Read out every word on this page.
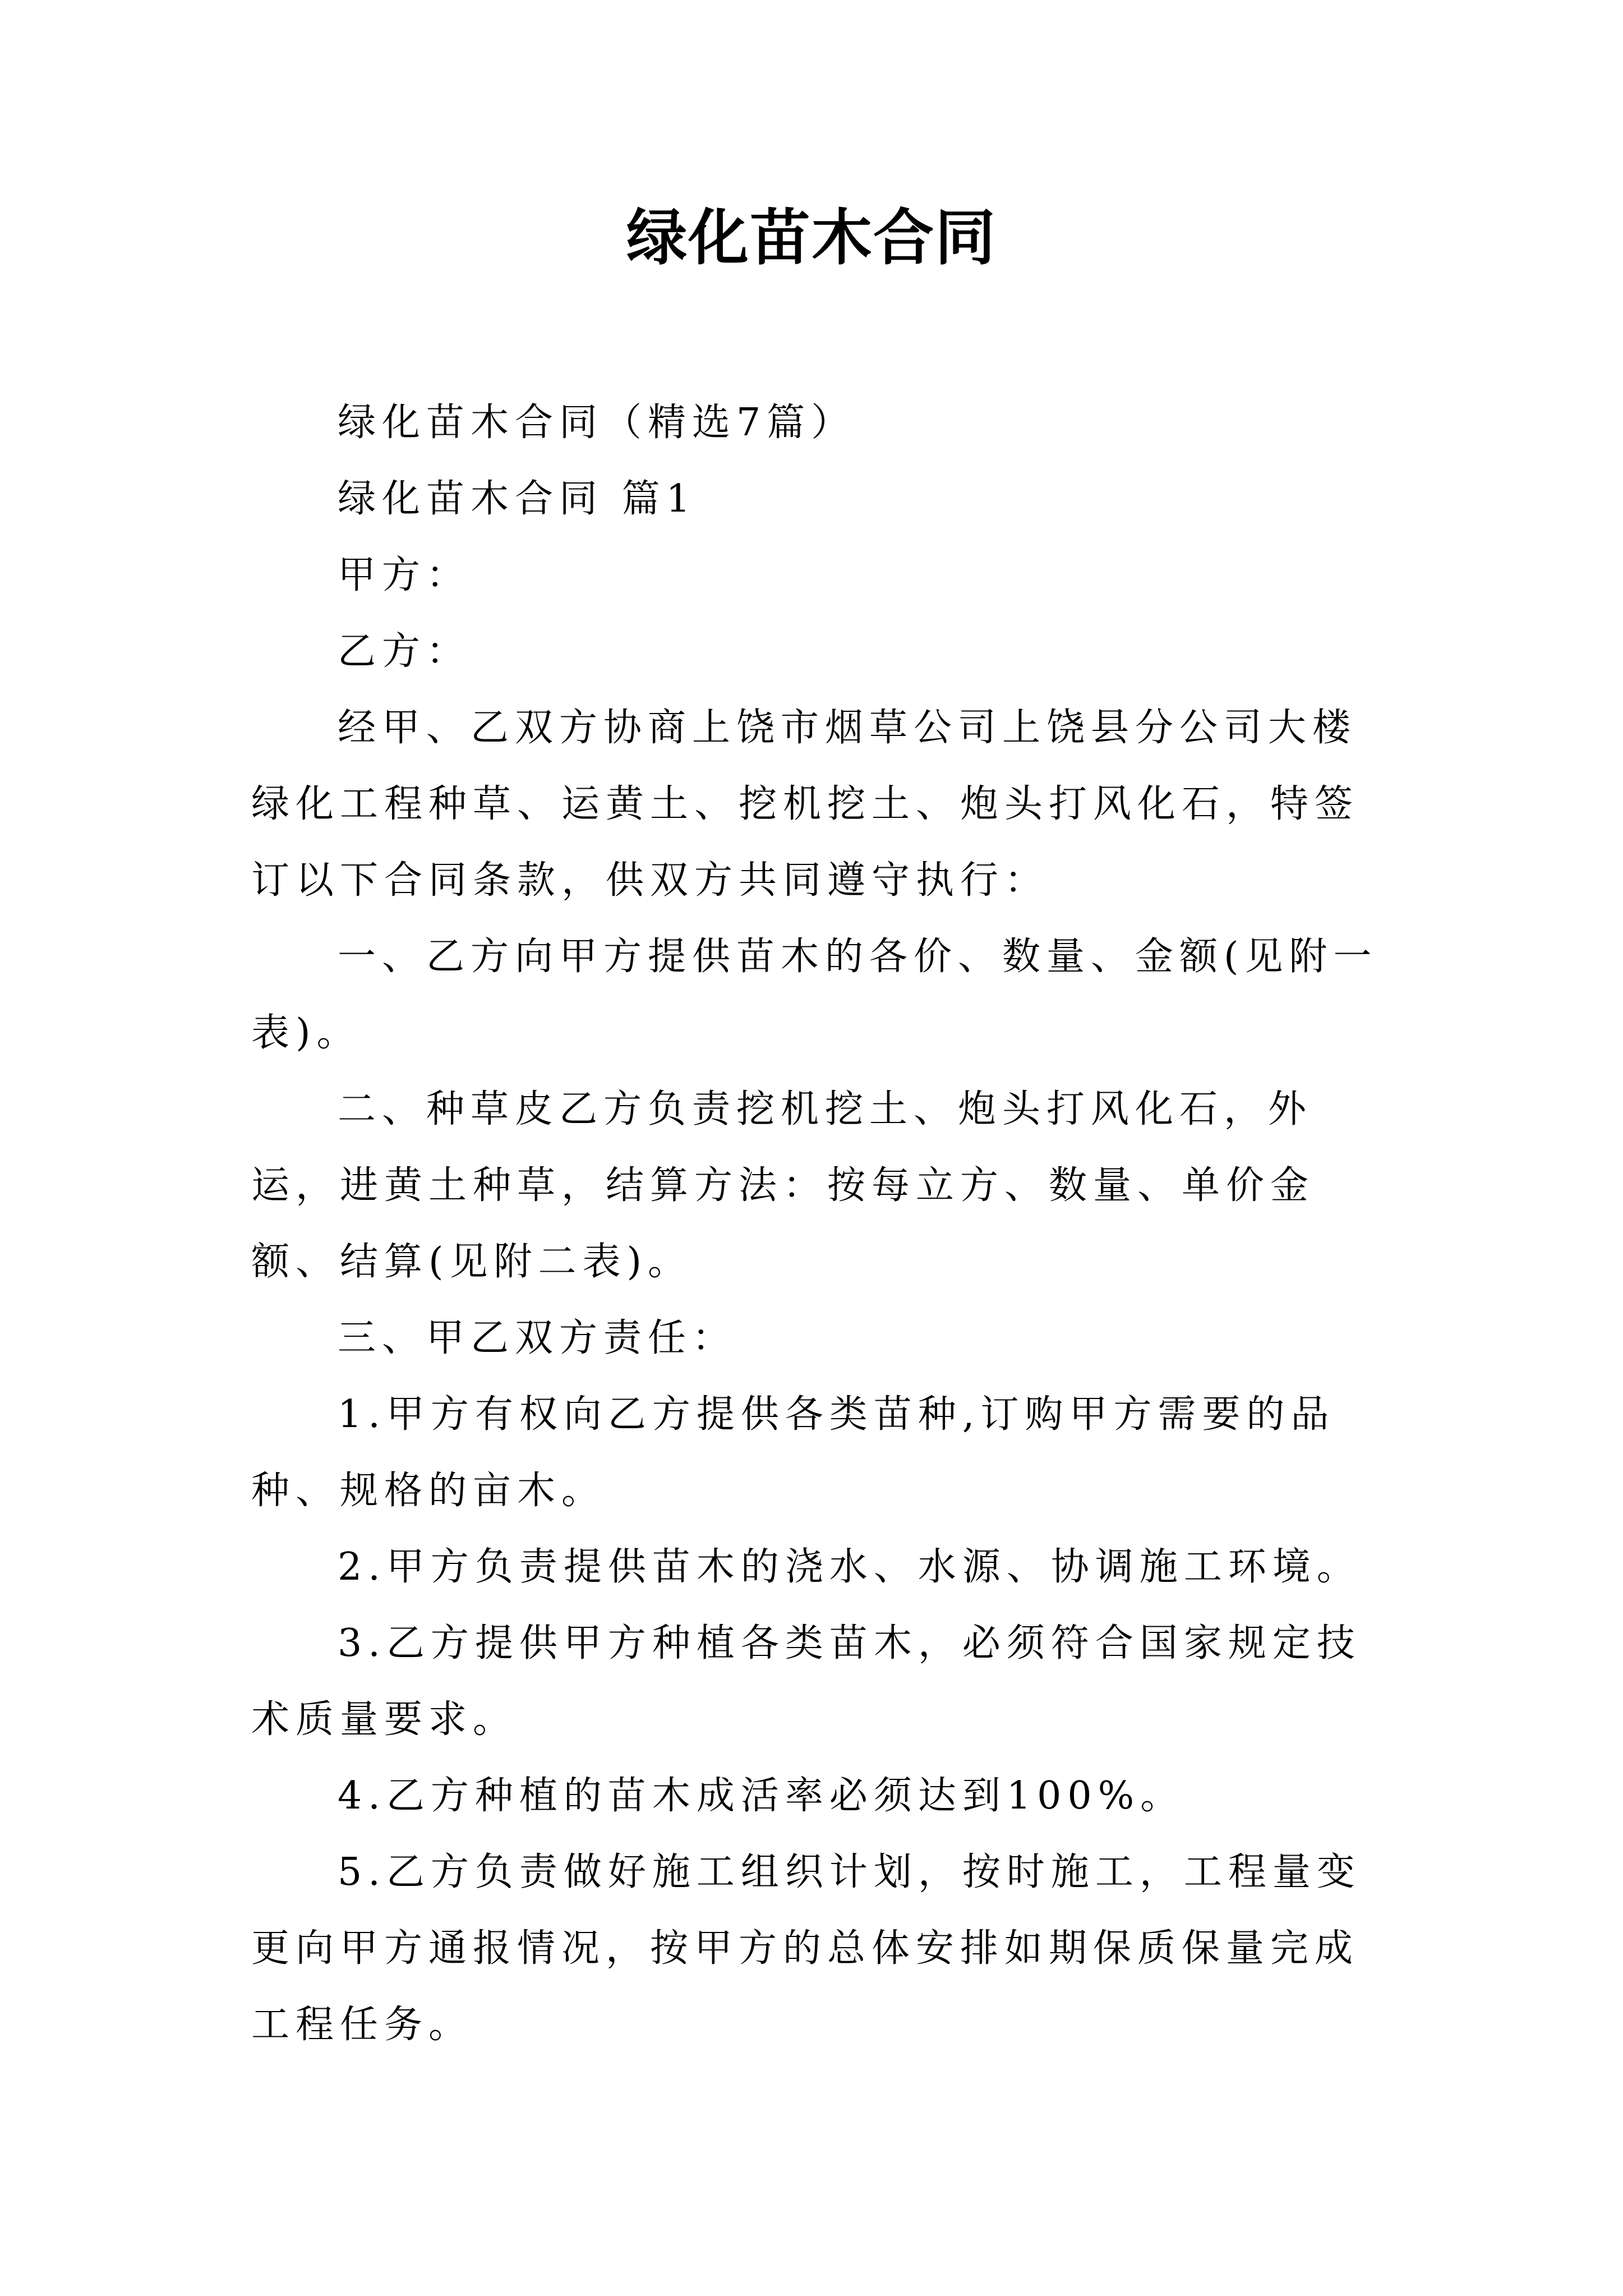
绿化苗木合同

绿化苗木合同（精选7篇）

绿化苗木合同 篇1

甲方：

乙方：

经甲、乙双方协商上饶市烟草公司上饶县分公司大楼绿化工程种草、运黄土、挖机挖土、炮头打风化石，特签订以下合同条款，供双方共同遵守执行：

一、乙方向甲方提供苗木的各价、数量、金额(见附一表)。

二、种草皮乙方负责挖机挖土、炮头打风化石，外运，进黄土种草，结算方法：按每立方、数量、单价金额、结算(见附二表)。

三、甲乙双方责任：

1.甲方有权向乙方提供各类苗种,订购甲方需要的品种、规格的亩木。

2.甲方负责提供苗木的浇水、水源、协调施工环境。

3.乙方提供甲方种植各类苗木，必须符合国家规定技术质量要求。

4.乙方种植的苗木成活率必须达到100%。

5.乙方负责做好施工组织计划，按时施工，工程量变更向甲方通报情况，按甲方的总体安排如期保质保量完成工程任务。
